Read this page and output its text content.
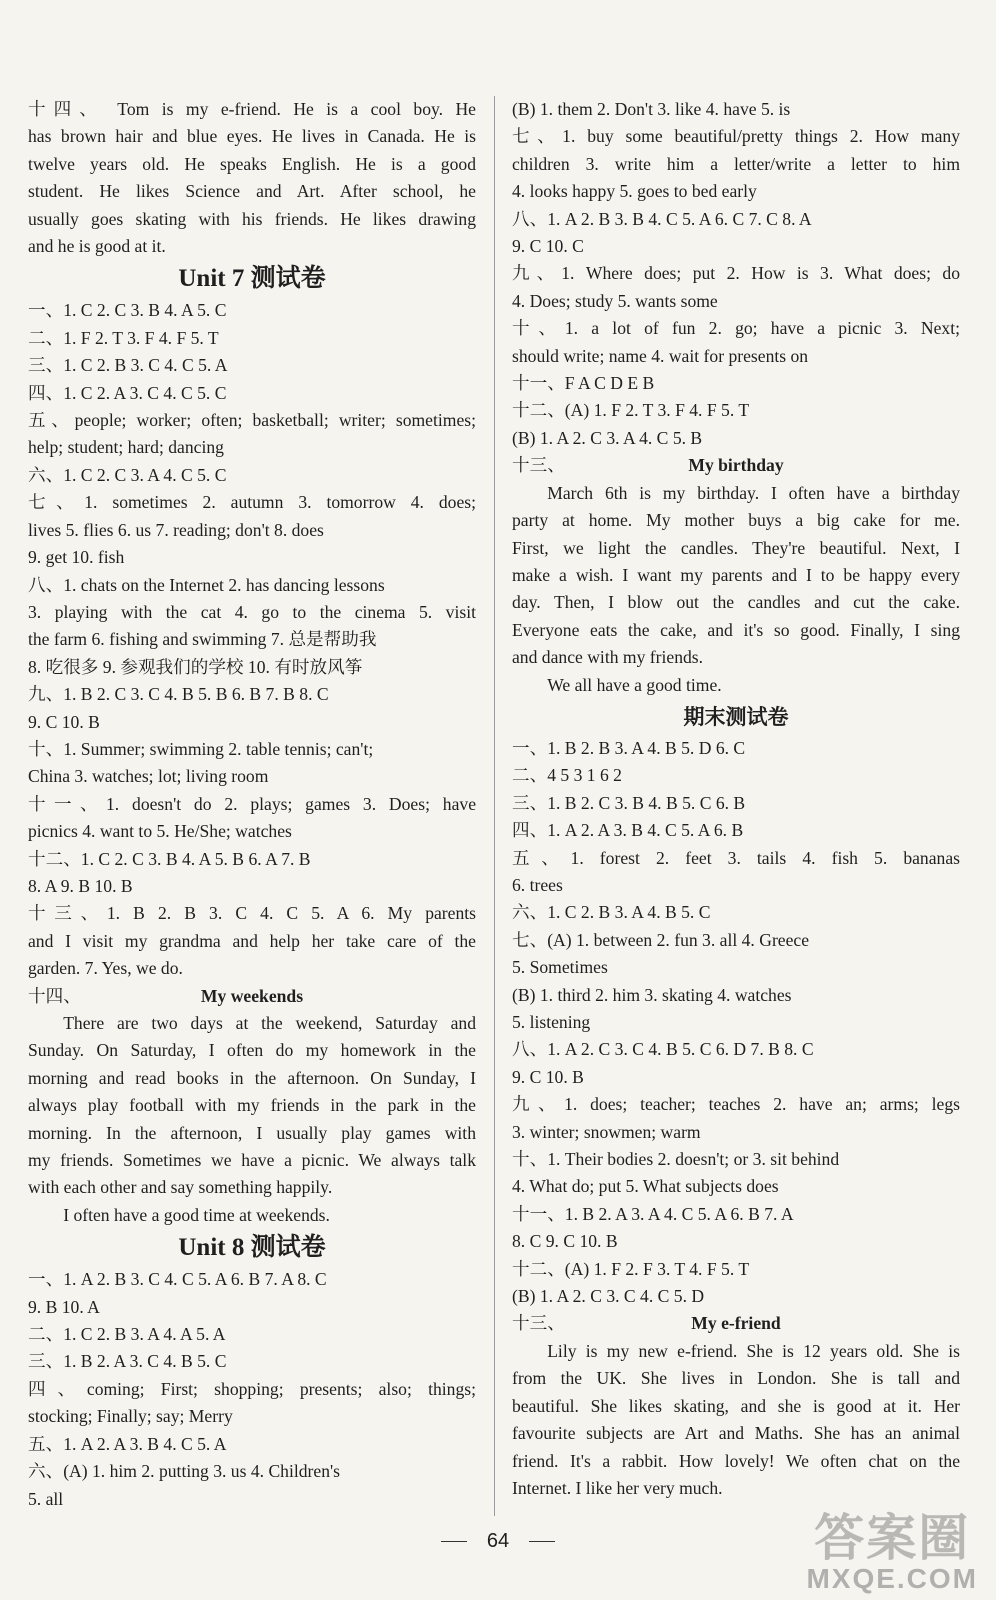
十四、 Tom is my e-friend. He is a cool boy. He
has brown hair and blue eyes. He lives in Canada. He is
twelve years old. He speaks English. He is a good
student. He likes Science and Art. After school, he
usually goes skating with his friends. He likes drawing
and he is good at it.
Unit 7 测试卷
一、1. C 2. C 3. B 4. A 5. C
二、1. F 2. T 3. F 4. F 5. T
三、1. C 2. B 3. C 4. C 5. A
四、1. C 2. A 3. C 4. C 5. C
五、people; worker; often; basketball; writer; sometimes;
help; student; hard; dancing
六、1. C 2. C 3. A 4. C 5. C
七、1. sometimes 2. autumn 3. tomorrow 4. does;
lives 5. flies 6. us 7. reading; don't 8. does
9. get 10. fish
八、1. chats on the Internet 2. has dancing lessons
3. playing with the cat 4. go to the cinema 5. visit
the farm 6. fishing and swimming 7. 总是帮助我
8. 吃很多 9. 参观我们的学校 10. 有时放风筝
九、1. B 2. C 3. C 4. B 5. B 6. B 7. B 8. C
9. C 10. B
十、1. Summer; swimming 2. table tennis; can't;
China 3. watches; lot; living room
十一、1. doesn't do 2. plays; games 3. Does; have
picnics 4. want to 5. He/She; watches
十二、1. C 2. C 3. B 4. A 5. B 6. A 7. B
8. A 9. B 10. B
十三、1. B 2. B 3. C 4. C 5. A 6. My parents
and I visit my grandma and help her take care of the
garden. 7. Yes, we do.
十四、	My weekends
There are two days at the weekend, Saturday and
Sunday. On Saturday, I often do my homework in the
morning and read books in the afternoon. On Sunday, I
always play football with my friends in the park in the
morning. In the afternoon, I usually play games with
my friends. Sometimes we have a picnic. We always talk
with each other and say something happily.
I often have a good time at weekends.
Unit 8 测试卷
一、1. A 2. B 3. C 4. C 5. A 6. B 7. A 8. C
9. B 10. A
二、1. C 2. B 3. A 4. A 5. A
三、1. B 2. A 3. C 4. B 5. C
四、coming; First; shopping; presents; also; things;
stocking; Finally; say; Merry
五、1. A 2. A 3. B 4. C 5. A
六、(A) 1. him 2. putting 3. us 4. Children's
5. all
(B) 1. them 2. Don't 3. like 4. have 5. is
七、1. buy some beautiful/pretty things 2. How many
children 3. write him a letter/write a letter to him
4. looks happy 5. goes to bed early
八、1. A 2. B 3. B 4. C 5. A 6. C 7. C 8. A
9. C 10. C
九、1. Where does; put 2. How is 3. What does; do
4. Does; study 5. wants some
十、1. a lot of fun 2. go; have a picnic 3. Next;
should write; name 4. wait for presents on
十一、F A C D E B
十二、(A) 1. F 2. T 3. F 4. F 5. T
(B) 1. A 2. C 3. A 4. C 5. B
十三、	My birthday
March 6th is my birthday. I often have a birthday
party at home. My mother buys a big cake for me.
First, we light the candles. They're beautiful. Next, I
make a wish. I want my parents and I to be happy every
day. Then, I blow out the candles and cut the cake.
Everyone eats the cake, and it's so good. Finally, I sing
and dance with my friends.
We all have a good time.
期末测试卷
一、1. B 2. B 3. A 4. B 5. D 6. C
二、4 5 3 1 6 2
三、1. B 2. C 3. B 4. B 5. C 6. B
四、1. A 2. A 3. B 4. C 5. A 6. B
五、1. forest 2. feet 3. tails 4. fish 5. bananas
6. trees
六、1. C 2. B 3. A 4. B 5. C
七、(A) 1. between 2. fun 3. all 4. Greece
5. Sometimes
(B) 1. third 2. him 3. skating 4. watches
5. listening
八、1. A 2. C 3. C 4. B 5. C 6. D 7. B 8. C
9. C 10. B
九、1. does; teacher; teaches 2. have an; arms; legs
3. winter; snowmen; warm
十、1. Their bodies 2. doesn't; or 3. sit behind
4. What do; put 5. What subjects does
十一、1. B 2. A 3. A 4. C 5. A 6. B 7. A
8. C 9. C 10. B
十二、(A) 1. F 2. F 3. T 4. F 5. T
(B) 1. A 2. C 3. C 4. C 5. D
十三、	My e-friend
Lily is my new e-friend. She is 12 years old. She is
from the UK. She lives in London. She is tall and
beautiful. She likes skating, and she is good at it. Her
favourite subjects are Art and Maths. She has an animal
friend. It's a rabbit. How lovely! We often chat on the
Internet. I like her very much.
64	答案圈
MXQE.COM
